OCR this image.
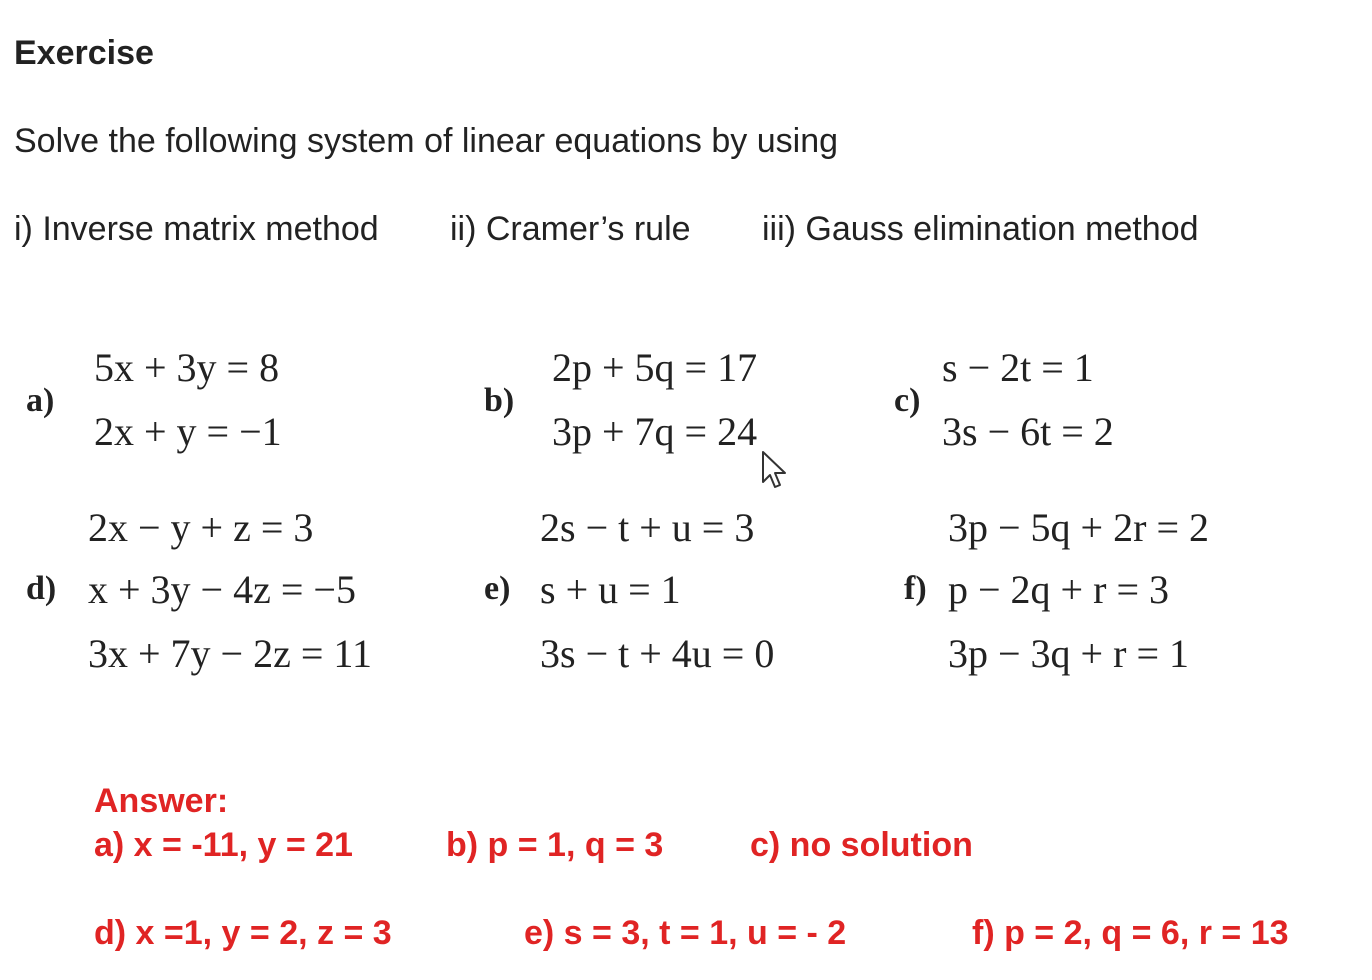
Exercise
Solve the following system of linear equations by using
i) Inverse matrix method ii) Cramer’s rule iii) Gauss elimination method
a)
5x + 3y = 8
2x + y = −1
b)
2p + 5q = 17
3p + 7q = 24
c)
s − 2t = 1
3s − 6t = 2
d)
2x − y + z = 3
x + 3y − 4z = −5
3x + 7y − 2z = 11
e)
2s − t + u = 3
s + u = 1
3s − t + 4u = 0
f)
3p − 5q + 2r = 2
p − 2q + r = 3
3p − 3q + r = 1
Answer:
a) x = -11, y = 21	b) p = 1, q = 3	c) no solution
d) x =1, y = 2, z = 3	e) s = 3, t = 1, u = - 2	f) p = 2, q = 6, r = 13
